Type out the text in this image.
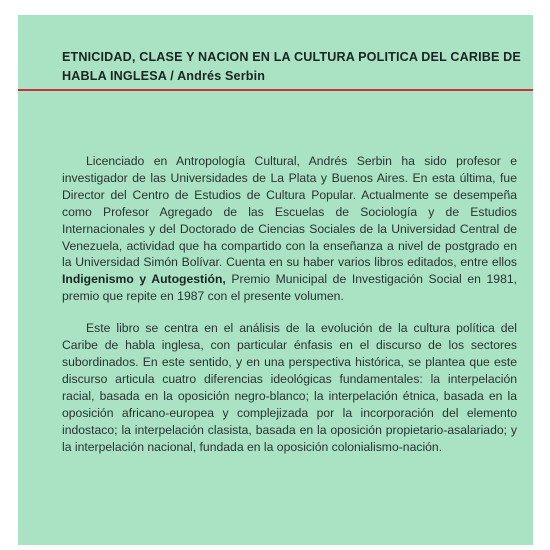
ETNICIDAD, CLASE Y NACION EN LA CULTURA POLITICA DEL CARIBE DE HABLA INGLESA / Andrés Serbin

Licenciado en Antropología Cultural, Andrés Serbin ha sido profesor e investigador de las Universidades de La Plata y Buenos Aires. En esta última, fue Director del Centro de Estudios de Cultura Popular. Actualmente se desempeña como Profesor Agregado de las Escuelas de Sociología y de Estudios Internacionales y del Doctorado de Ciencias Sociales de la Universidad Central de Venezuela, actividad que ha compartido con la enseñanza a nivel de postgrado en la Universidad Simón Bolívar. Cuenta en su haber varios libros editados, entre ellos Indigenismo y Autogestión, Premio Municipal de Investigación Social en 1981, premio que repite en 1987 con el presente volumen.

Este libro se centra en el análisis de la evolución de la cultura política del Caribe de habla inglesa, con particular énfasis en el discurso de los sectores subordinados. En este sentido, y en una perspectiva histórica, se plantea que este discurso articula cuatro diferencias ideológicas fundamentales: la interpelación racial, basada en la oposición negro-blanco; la interpelación étnica, basada en la oposición africano-europea y complejizada por la incorporación del elemento indostaco; la interpelación clasista, basada en la oposición propietario-asalariado; y la interpelación nacional, fundada en la oposición colonialismo-nación.
